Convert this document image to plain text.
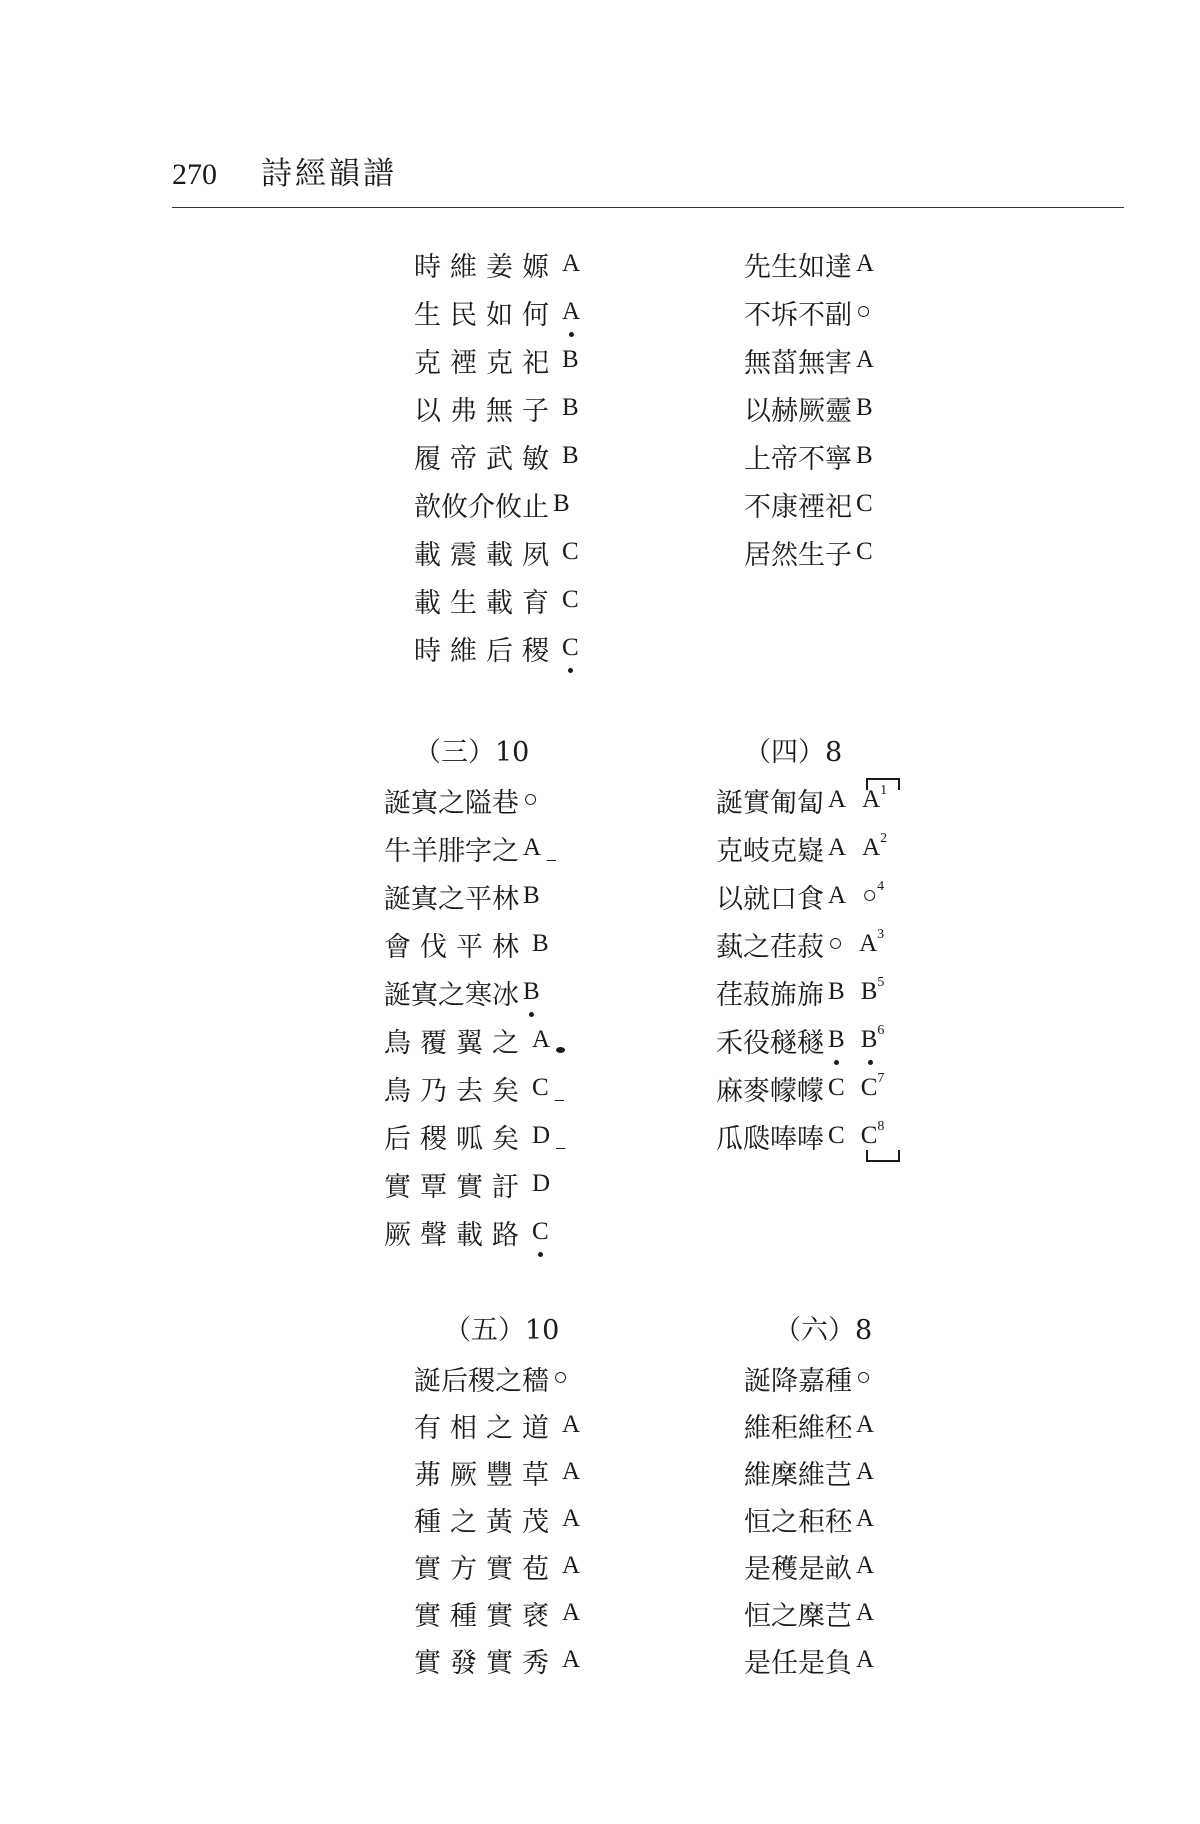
270 詩經韻譜
時維姜嫄 A
生民如何 A
克禋克祀 B
以弗無子 B
履帝武敏 B
歆攸介攸止 B
載震載夙 C
載生載育 C
時維后稷 C
先生如達 A
不坼不副 ○
無菑無害 A
以赫厥靈 B
上帝不寧 B
不康禋祀 C
居然生子 C
（三）10
誕寘之隘巷 ○
牛羊腓字之 A
誕寘之平林 B
會伐平林 B
誕寘之寒冰 B
鳥覆翼之 A
鳥乃去矣 C
后稷呱矣 D
實覃實訏 D
厥聲載路 C
（四）8
誕實匍匐 A $A^1$
克岐克嶷 A $A^2$
以就口食 A ○$^4$
蓺之荏菽 ○ $A^3$
荏菽旆旆 B $B^5$
禾役穟穟 B $B^6$
麻麥幪幪 C $C^7$
瓜瓞唪唪 C $C^8$
（五）10
誕后稷之穡 ○
有相之道 A
茀厥豐草 A
種之黃茂 A
實方實苞 A
實種實褎 A
實發實秀 A
（六）8
誕降嘉種 ○
維秬維秠 A
維穈維芑 A
恒之秬秠 A
是穫是畝 A
恒之穈芑 A
是任是負 A
